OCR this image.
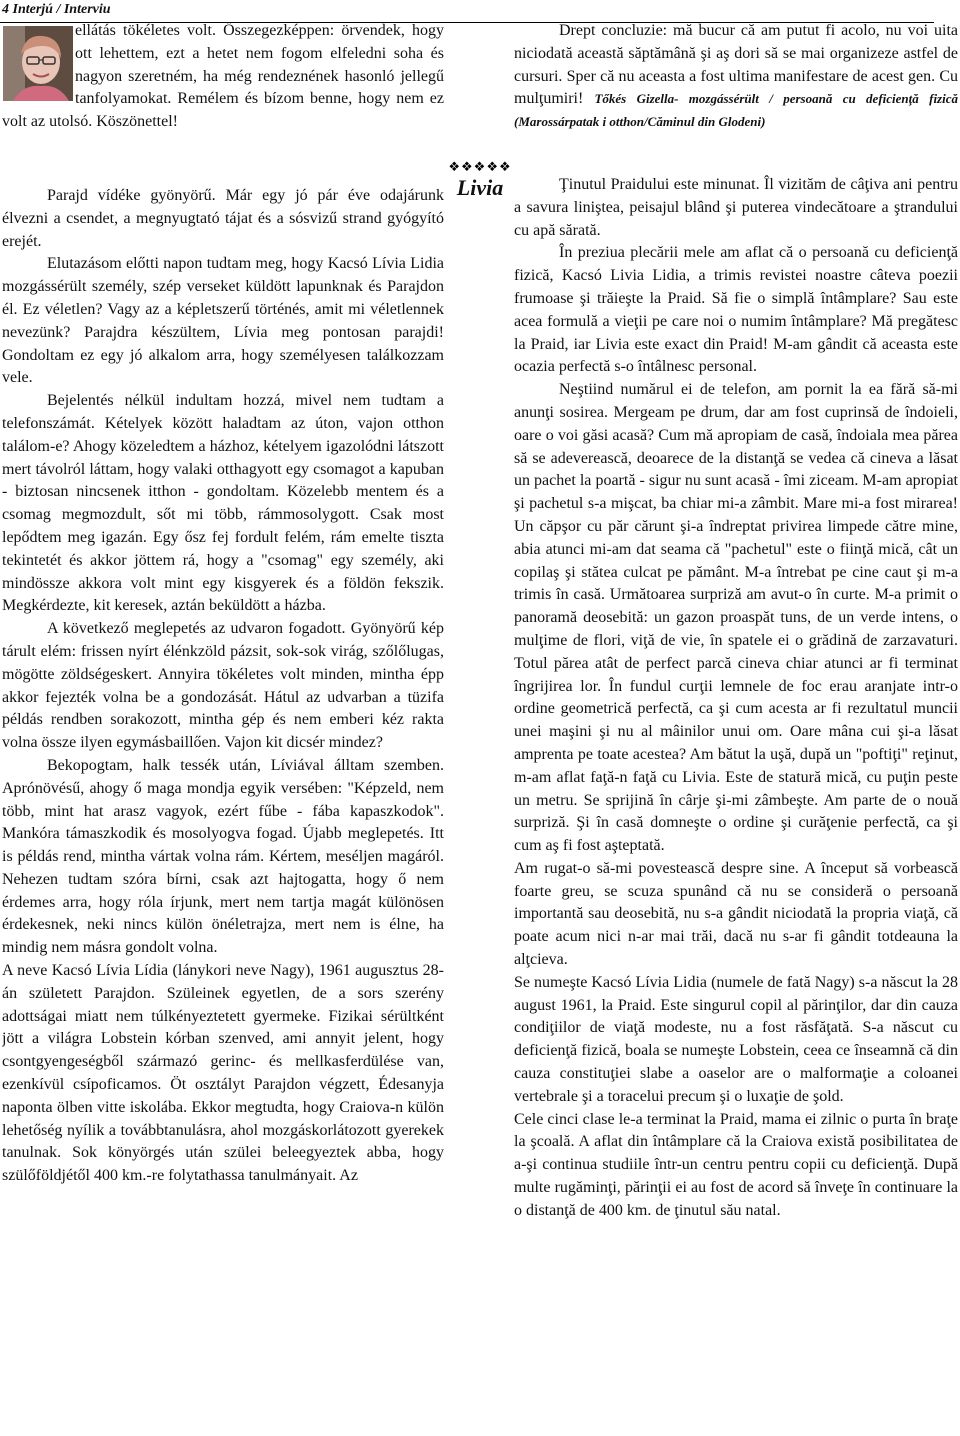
4 Interjú / Interviu

ellátás tökéletes volt. Összegezképpen: örvendek, hogy ott lehettem, ezt a hetet nem fogom elfeledni soha és nagyon szeretném, ha még rendeznének hasonló jellegű tanfolyamokat. Remélem és bízom benne, hogy nem ez volt az utolsó. Köszönettel!

Parajd vídéke gyönyörű. Már egy jó pár éve odajárunk élvezni a csendet, a megnyugtató tájat és a sósvizű strand gyógyító erejét.

Elutazásom előtti napon tudtam meg, hogy Kacsó Lívia Lidia mozgássérült személy, szép verseket küldött lapunknak és Parajdon él. Ez véletlen? Vagy az a képletszerű történés, amit mi véletlennek nevezünk? Parajdra készültem, Lívia meg pontosan parajdi! Gondoltam ez egy jó alkalom arra, hogy személyesen találkozzam vele.

Bejelentés nélkül indultam hozzá, mivel nem tudtam a telefonszámát. Kételyek között haladtam az úton, vajon otthon találom-e? Ahogy közeledtem a házhoz, kételyem igazolódni látszott mert távolról láttam, hogy valaki otthagyott egy csomagot a kapuban - biztosan nincsenek itthon - gondoltam. Közelebb mentem és a csomag megmozdult, sőt mi több, rámmosolygott. Csak most lepődtem meg igazán. Egy ősz fej fordult felém, rám emelte tiszta tekintetét és akkor jöttem rá, hogy a "csomag" egy személy, aki mindössze akkora volt mint egy kisgyerek és a földön fekszik. Megkérdezte, kit keresek, aztán beküldött a házba.

A következő meglepetés az udvaron fogadott. Gyönyörű kép tárult elém: frissen nyírt élénkzöld pázsit, sok-sok virág, szőlőlugas, mögötte zöldségeskert. Annyira tökéletes volt minden, mintha épp akkor fejezték volna be a gondozását. Hátul az udvarban a tüzifa példás rendben sorakozott, mintha gép és nem emberi kéz rakta volna össze ilyen egymásbaillően. Vajon kit dicsér mindez?

Bekopogtam, halk tessék után, Líviával álltam szemben. Aprónövésű, ahogy ő maga mondja egyik versében: "Képzeld, nem több, mint hat arasz vagyok, ezért fűbe - fába kapaszkodok". Mankóra támaszkodik és mosolyogva fogad. Újabb meglepetés. Itt is példás rend, mintha vártak volna rám. Kértem, meséljen magáról. Nehezen tudtam szóra bírni, csak azt hajtogatta, hogy ő nem érdemes arra, hogy róla írjunk, mert nem tartja magát különösen érdekesnek, neki nincs külön önéletrajza, mert nem is élne, ha mindig nem másra gondolt volna.

A neve Kacsó Lívia Lídia (lánykori neve Nagy), 1961 augusztus 28-án született Parajdon. Szüleinek egyetlen, de a sors szerény adottságai miatt nem túlkényeztetett gyermeke. Fizikai sérültként jött a világra Lobstein kórban szenved, ami annyit jelent, hogy csontgyengeségből származó gerinc- és mellkasferdülése van, ezenkívül csípoficamos. Öt osztályt Parajdon végzett, Édesanyja naponta ölben vitte iskolába. Ekkor megtudta, hogy Craiova-n külön lehetőség nyílik a továbbtanulásra, ahol mozgáskorlátozott gyerekek tanulnak. Sok könyörgés után szülei beleegyeztek abba, hogy szülőföldjétől 400 km.-re folytathassa tanulmányait. Az

❖❖❖❖❖
Livia

Drept concluzie: mă bucur că am putut fi acolo, nu voi uita niciodată această săptămână şi aş dori să se mai organizeze astfel de cursuri. Sper că nu aceasta a fost ultima manifestare de acest gen. Cu mulţumiri! Tőkés Gizella- mozgássérült / persoană cu deficienţă fizică (Marossárpatak i otthon/Căminul din Glodeni)

Ţinutul Praidului este minunat. Îl vizităm de câţiva ani pentru a savura liniştea, peisajul blând şi puterea vindecătoare a ştrandului cu apă sărată.

În preziua plecării mele am aflat că o persoană cu deficienţă fizică, Kacsó Livia Lidia, a trimis revistei noastre câteva poezii frumoase şi trăieşte la Praid. Să fie o simplă întâmplare? Sau este acea formulă a vieţii pe care noi o numim întâmplare? Mă pregătesc la Praid, iar Livia este exact din Praid! M-am gândit că aceasta este ocazia perfectă s-o întâlnesc personal.

Neştiind numărul ei de telefon, am pornit la ea fără să-mi anunţi sosirea. Mergeam pe drum, dar am fost cuprinsă de îndoieli, oare o voi găsi acasă? Cum mă apropiam de casă, îndoiala mea părea să se adeverească, deoarece de la distanţă se vedea că cineva a lăsat un pachet la poartă - sigur nu sunt acasă - îmi ziceam. M-am apropiat şi pachetul s-a mişcat, ba chiar mi-a zâmbit. Mare mi-a fost mirarea! Un căpşor cu păr cărunt şi-a îndreptat privirea limpede către mine, abia atunci mi-am dat seama că "pachetul" este o fiinţă mică, cât un copilaş şi stătea culcat pe pământ. M-a întrebat pe cine caut şi m-a trimis în casă. Următoarea surpriză am avut-o în curte. M-a primit o panoramă deosebită: un gazon proaspăt tuns, de un verde intens, o mulţime de flori, viţă de vie, în spatele ei o grădină de zarzavaturi. Totul părea atât de perfect parcă cineva chiar atunci ar fi terminat îngrijirea lor. În fundul curţii lemnele de foc erau aranjate intr-o ordine geometrică perfectă, ca şi cum acesta ar fi rezultatul muncii unei maşini şi nu al mâinilor unui om. Oare mâna cui şi-a lăsat amprenta pe toate acestea? Am bătut la uşă, după un "poftiţi" reţinut, m-am aflat faţă-n faţă cu Livia. Este de statură mică, cu puţin peste un metru. Se sprijină în cârje şi-mi zâmbeşte. Am parte de o nouă surpriză. Şi în casă domneşte o ordine şi curăţenie perfectă, ca şi cum aş fi fost aşteptată.

Am rugat-o să-mi povestească despre sine. A început să vorbească foarte greu, se scuza spunând că nu se consideră o persoană importantă sau deosebită, nu s-a gândit niciodată la propria viaţă, că poate acum nici n-ar mai trăi, dacă nu s-ar fi gândit totdeauna la alţcieva.

Se numeşte Kacsó Lívia Lidia (numele de fată Nagy) s-a născut la 28 august 1961, la Praid. Este singurul copil al părinţilor, dar din cauza condiţiilor de viaţă modeste, nu a fost răsfăţată. S-a născut cu deficienţă fizică, boala se numeşte Lobstein, ceea ce înseamnă că din cauza constituţiei slabe a oaselor are o malformaţie a coloanei vertebrale şi a toracelui precum şi o luxaţie de şold.

Cele cinci clase le-a terminat la Praid, mama ei zilnic o purta în braţe la şcoală. A aflat din întâmplare că la Craiova există posibilitatea de a-şi continua studiile într-un centru pentru copii cu deficienţă. După multe rugăminţi, părinţii ei au fost de acord să înveţe în continuare la o distanţă de 400 km. de ţinutul său natal.
